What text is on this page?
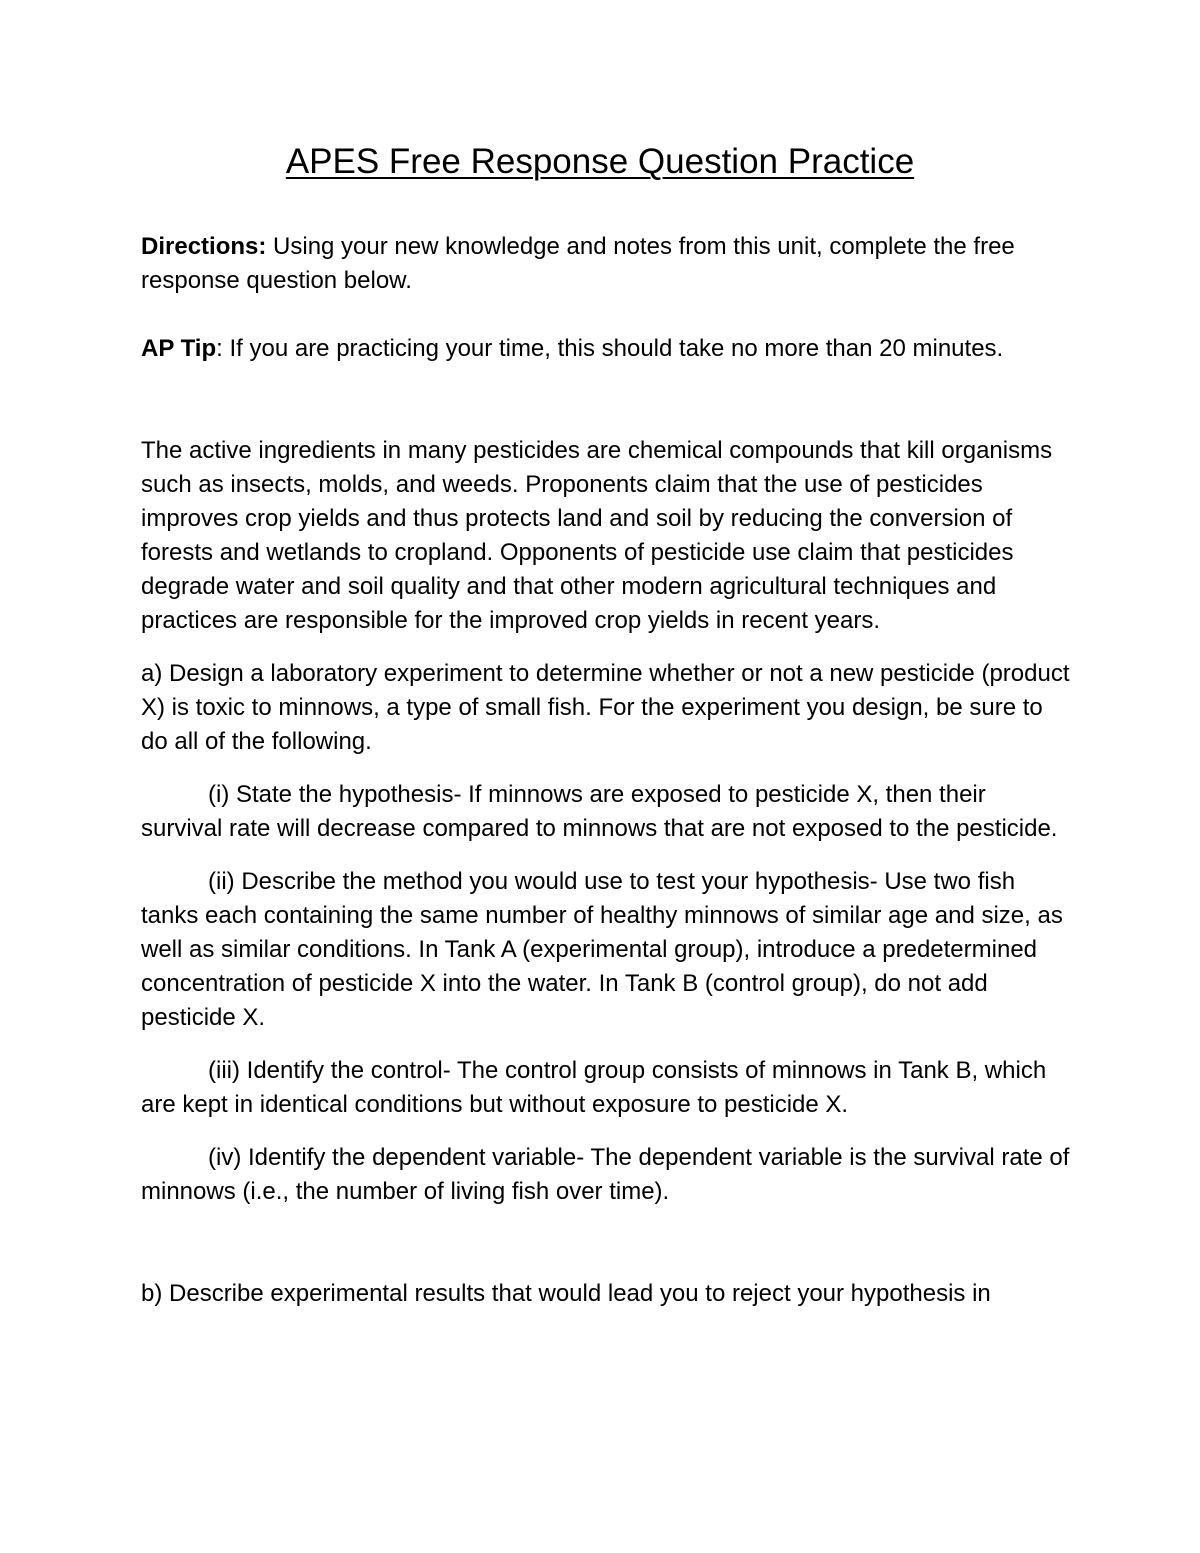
APES Free Response Question Practice

Directions: Using your new knowledge and notes from this unit, complete the free response question below.

AP Tip: If you are practicing your time, this should take no more than 20 minutes.

The active ingredients in many pesticides are chemical compounds that kill organisms such as insects, molds, and weeds. Proponents claim that the use of pesticides improves crop yields and thus protects land and soil by reducing the conversion of forests and wetlands to cropland. Opponents of pesticide use claim that pesticides degrade water and soil quality and that other modern agricultural techniques and practices are responsible for the improved crop yields in recent years.

a) Design a laboratory experiment to determine whether or not a new pesticide (product X) is toxic to minnows, a type of small fish. For the experiment you design, be sure to do all of the following.

(i) State the hypothesis- If minnows are exposed to pesticide X, then their survival rate will decrease compared to minnows that are not exposed to the pesticide.

(ii) Describe the method you would use to test your hypothesis- Use two fish tanks each containing the same number of healthy minnows of similar age and size, as well as similar conditions. In Tank A (experimental group), introduce a predetermined concentration of pesticide X into the water. In Tank B (control group), do not add pesticide X.

(iii) Identify the control- The control group consists of minnows in Tank B, which are kept in identical conditions but without exposure to pesticide X.

(iv) Identify the dependent variable- The dependent variable is the survival rate of minnows (i.e., the number of living fish over time).

b) Describe experimental results that would lead you to reject your hypothesis in
